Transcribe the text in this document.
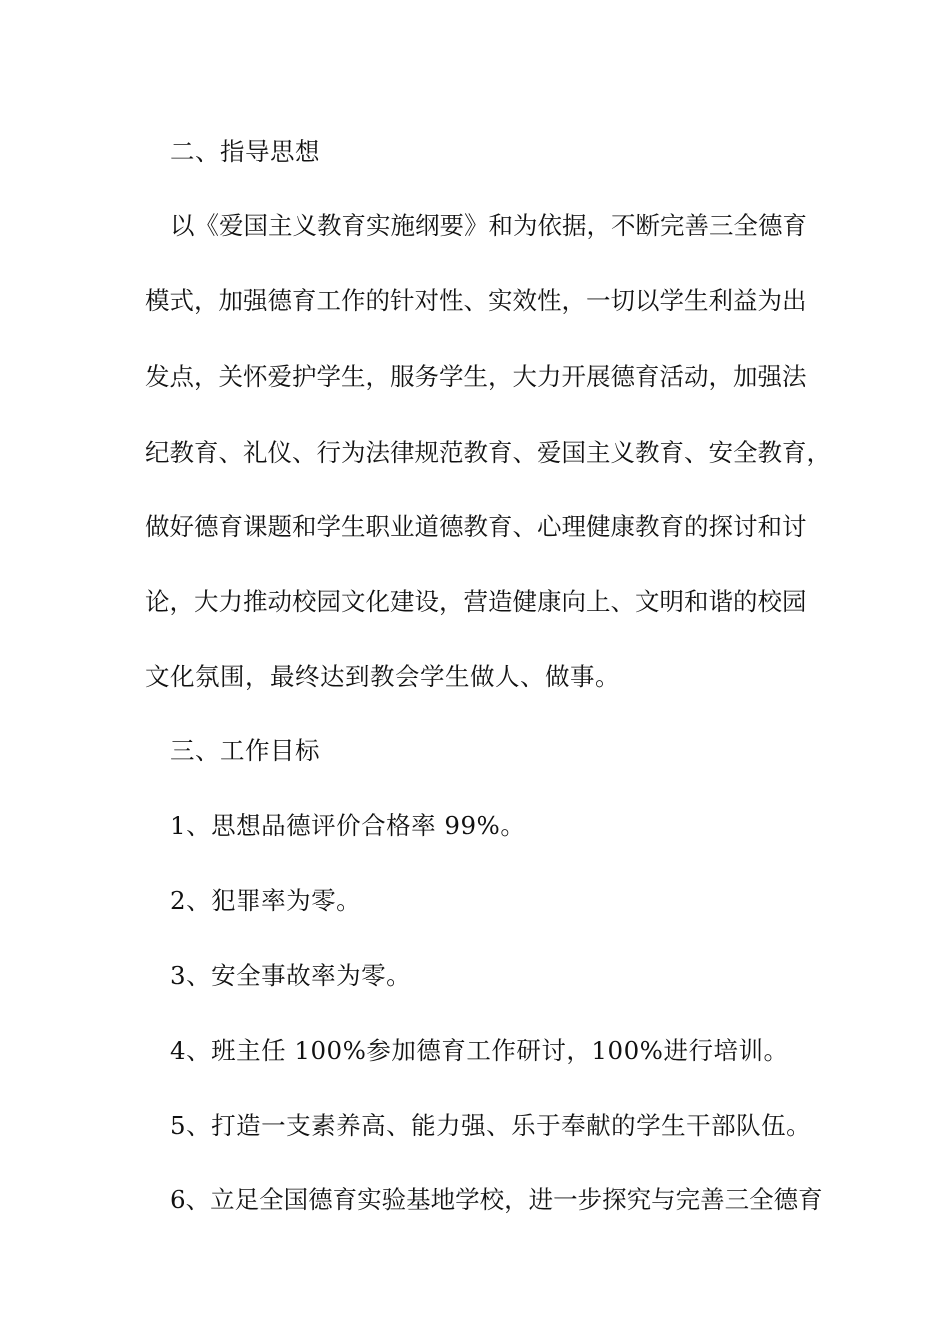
二、指导思想
以《爱国主义教育实施纲要》和为依据，不断完善三全德育
模式，加强德育工作的针对性、实效性，一切以学生利益为出
发点，关怀爱护学生，服务学生，大力开展德育活动，加强法
纪教育、礼仪、行为法律规范教育、爱国主义教育、安全教育，
做好德育课题和学生职业道德教育、心理健康教育的探讨和讨
论，大力推动校园文化建设，营造健康向上、文明和谐的校园
文化氛围，最终达到教会学生做人、做事。
三、工作目标
1、思想品德评价合格率 99%。
2、犯罪率为零。
3、安全事故率为零。
4、班主任 100%参加德育工作研讨，100%进行培训。
5、打造一支素养高、能力强、乐于奉献的学生干部队伍。
6、立足全国德育实验基地学校，进一步探究与完善三全德育
